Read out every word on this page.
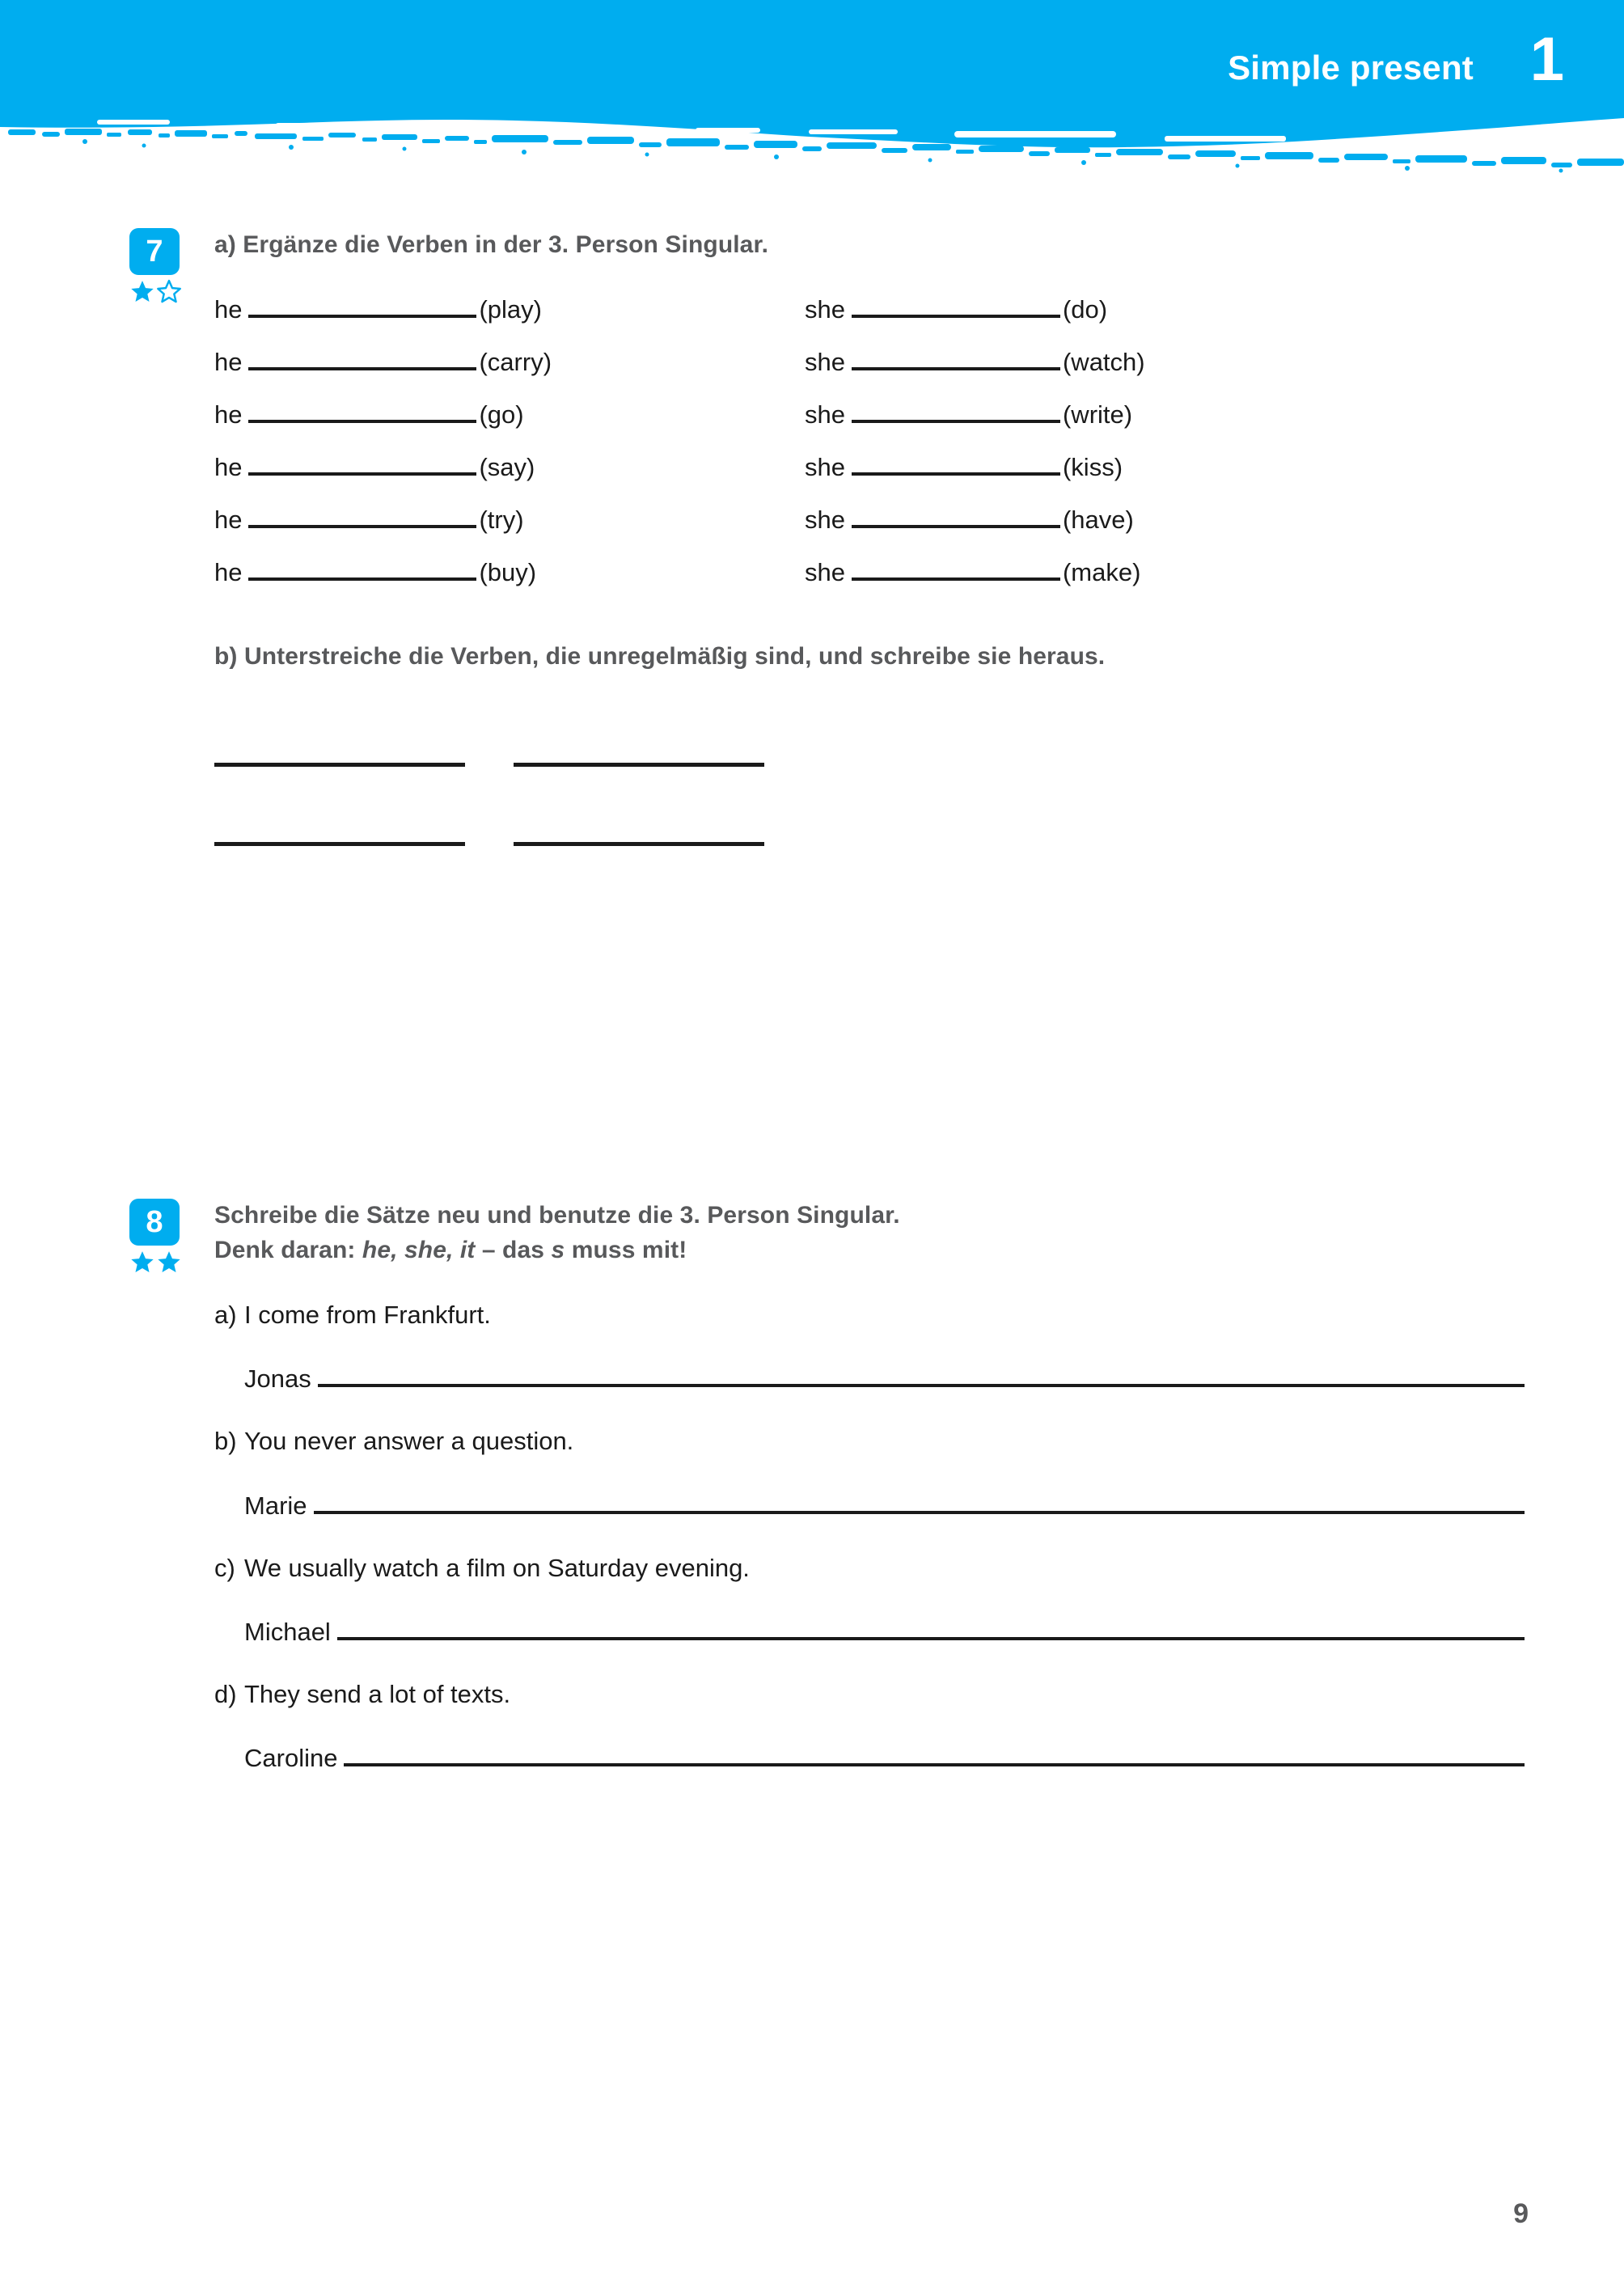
Simple present 1
7	a) Ergänze die Verben in der 3. Person Singular.
he	(play)	she	(do)
he	(carry)	she	(watch)
he	(go)	she	(write)
he	(say)	she	(kiss)
he	(try)	she	(have)
he	(buy)	she	(make)
b) Unterstreiche die Verben, die unregelmäßig sind, und schreibe sie heraus.
8	Schreibe die Sätze neu und benutze die 3. Person Singular.
Denk daran: he, she, it – das s muss mit!
a) I come from Frankfurt.
Jonas
b) You never answer a question.
Marie
c) We usually watch a film on Saturday evening.
Michael
d) They send a lot of texts.
Caroline
9
